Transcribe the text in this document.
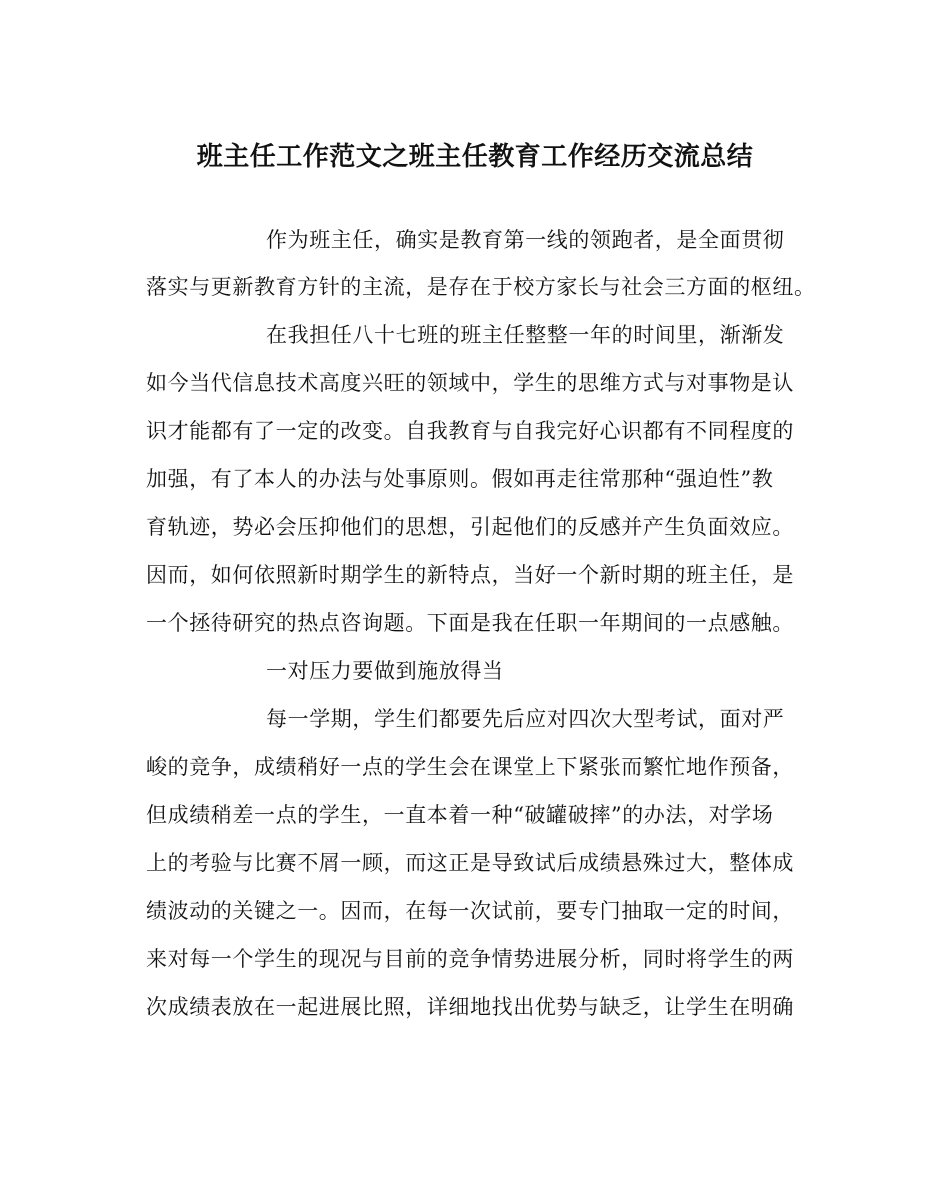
班主任工作范文之班主任教育工作经历交流总结

作为班主任，确实是教育第一线的领跑者，是全面贯彻

落实与更新教育方针的主流，是存在于校方家长与社会三方面的枢纽。

在我担任八十七班的班主任整整一年的时间里，渐渐发

如今当代信息技术高度兴旺的领域中，学生的思维方式与对事物是认

识才能都有了一定的改变。自我教育与自我完好心识都有不同程度的

加强，有了本人的办法与处事原则。假如再走往常那种“强迫性”教

育轨迹，势必会压抑他们的思想，引起他们的反感并产生负面效应。

因而，如何依照新时期学生的新特点，当好一个新时期的班主任，是

一个拯待研究的热点咨询题。下面是我在任职一年期间的一点感触。

一对压力要做到施放得当

每一学期，学生们都要先后应对四次大型考试，面对严

峻的竞争，成绩稍好一点的学生会在课堂上下紧张而繁忙地作预备，

但成绩稍差一点的学生，一直本着一种“破罐破摔”的办法，对学场

上的考验与比赛不屑一顾，而这正是导致试后成绩悬殊过大，整体成

绩波动的关键之一。因而，在每一次试前，要专门抽取一定的时间，

来对每一个学生的现况与目前的竞争情势进展分析，同时将学生的两

次成绩表放在一起进展比照，详细地找出优势与缺乏，让学生在明确
